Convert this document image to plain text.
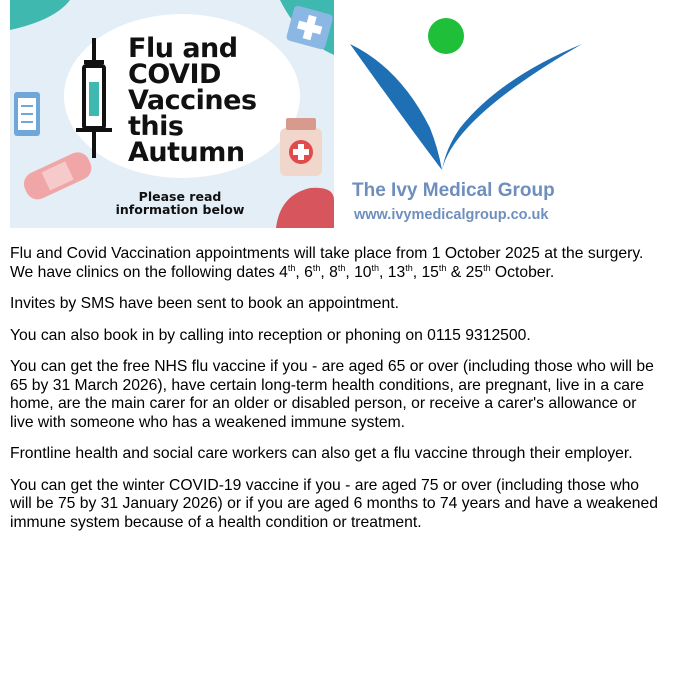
Flu and
COVID
Vaccines
this
Autumn
Please read
information below
The Ivy Medical Group
www.ivymedicalgroup.co.uk

Flu and Covid Vaccination appointments will take place from 1 October 2025 at the surgery. We have clinics on the following dates 4th, 6th, 8th, 10th, 13th, 15th & 25th October.

Invites by SMS have been sent to book an appointment.

You can also book in by calling into reception or phoning on 0115 9312500.

You can get the free NHS flu vaccine if you - are aged 65 or over (including those who will be 65 by 31 March 2026), have certain long-term health conditions, are pregnant, live in a care home, are the main carer for an older or disabled person, or receive a carer's allowance or live with someone who has a weakened immune system.

Frontline health and social care workers can also get a flu vaccine through their employer.

You can get the winter COVID-19 vaccine if you - are aged 75 or over (including those who will be 75 by 31 January 2026) or if you are aged 6 months to 74 years and have a weakened immune system because of a health condition or treatment.
